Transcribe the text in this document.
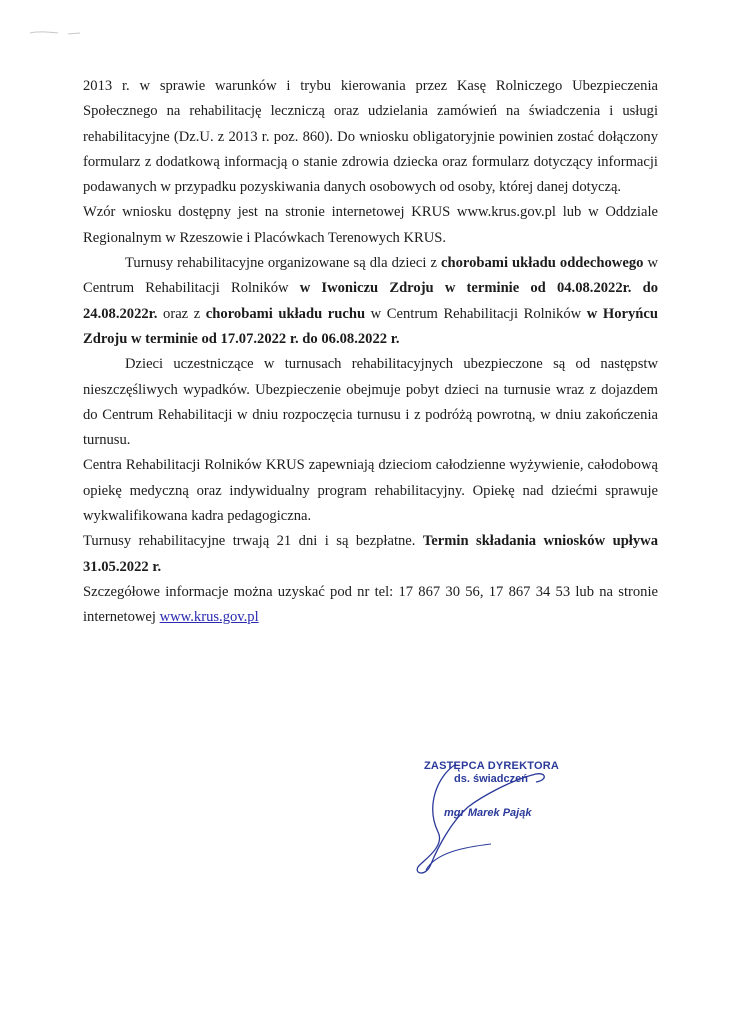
2013 r. w sprawie warunków i trybu kierowania przez Kasę Rolniczego Ubezpieczenia Społecznego na rehabilitację leczniczą oraz udzielania zamówień na świadczenia i usługi rehabilitacyjne (Dz.U. z 2013 r. poz. 860). Do wniosku obligatoryjnie powinien zostać dołączony formularz z dodatkową informacją o stanie zdrowia dziecka oraz formularz dotyczący informacji podawanych w przypadku pozyskiwania danych osobowych od osoby, której danej dotyczą.

Wzór wniosku dostępny jest na stronie internetowej KRUS www.krus.gov.pl lub w Oddziale Regionalnym w Rzeszowie i Placówkach Terenowych KRUS.

Turnusy rehabilitacyjne organizowane są dla dzieci z chorobami układu oddechowego w Centrum Rehabilitacji Rolników w Iwoniczu Zdroju w terminie od 04.08.2022r. do 24.08.2022r. oraz z chorobami układu ruchu w Centrum Rehabilitacji Rolników w Horyńcu Zdroju w terminie od 17.07.2022 r. do 06.08.2022 r.

Dzieci uczestniczące w turnusach rehabilitacyjnych ubezpieczone są od następstw nieszczęśliwych wypadków. Ubezpieczenie obejmuje pobyt dzieci na turnusie wraz z dojazdem do Centrum Rehabilitacji w dniu rozpoczęcia turnusu i z podróżą powrotną, w dniu zakończenia turnusu.

Centra Rehabilitacji Rolników KRUS zapewniają dzieciom całodzienne wyżywienie, całodobową opiekę medyczną oraz indywidualny program rehabilitacyjny. Opiekę nad dziećmi sprawuje wykwalifikowana kadra pedagogiczna.

Turnusy rehabilitacyjne trwają 21 dni i są bezpłatne. Termin składania wniosków upływa 31.05.2022 r.

Szczegółowe informacje można uzyskać pod nr tel: 17 867 30 56, 17 867 34 53 lub na stronie internetowej www.krus.gov.pl

ZASTĘPCA DYREKTORA
ds. świadczeń
mgr Marek Pająk
